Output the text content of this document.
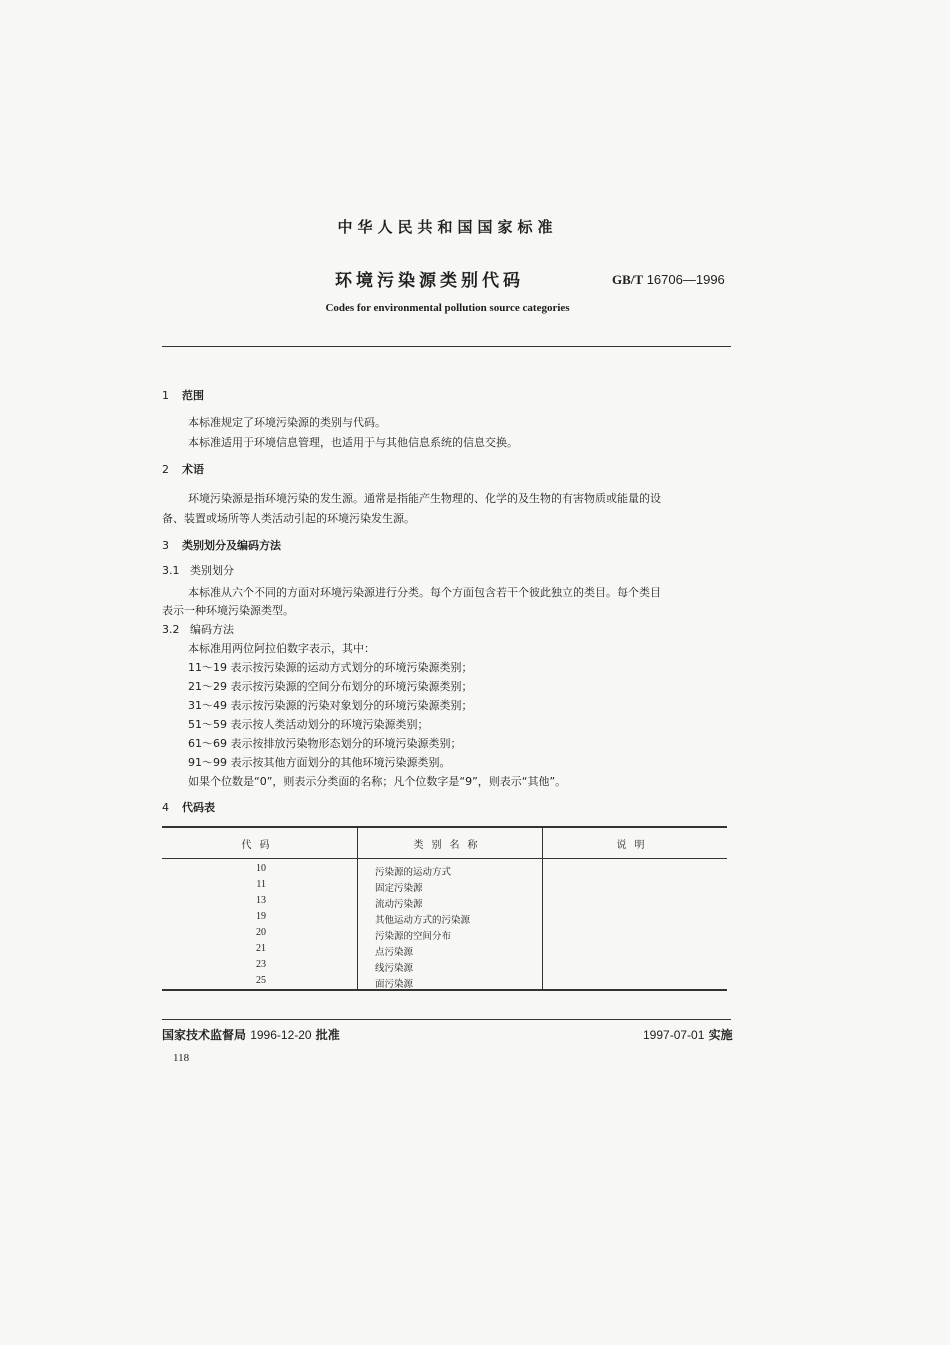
中华人民共和国国家标准
环境污染源类别代码	GB/T 16706—1996
Codes for environmental pollution source categories
1 范围
本标准规定了环境污染源的类别与代码。
本标准适用于环境信息管理，也适用于与其他信息系统的信息交换。
2 术语
环境污染源是指环境污染的发生源。通常是指能产生物理的、化学的及生物的有害物质或能量的设
备、装置或场所等人类活动引起的环境污染发生源。
3 类别划分及编码方法
3.1 类别划分
本标准从六个不同的方面对环境污染源进行分类。每个方面包含若干个彼此独立的类目。每个类目
表示一种环境污染源类型。
3.2 编码方法
本标准用两位阿拉伯数字表示，其中：
11～19 表示按污染源的运动方式划分的环境污染源类别；
21～29 表示按污染源的空间分布划分的环境污染源类别；
31～49 表示按污染源的污染对象划分的环境污染源类别；
51～59 表示按人类活动划分的环境污染源类别；
61～69 表示按排放污染物形态划分的环境污染源类别；
91～99 表示按其他方面划分的其他环境污染源类别。
如果个位数是“0”，则表示分类面的名称；凡个位数字是“9”，则表示“其他”。
4 代码表
代码	类别名称	说明
10	污染源的运动方式
11	固定污染源
13	流动污染源
19	其他运动方式的污染源
20	污染源的空间分布
21	点污染源
23	线污染源
25	面污染源
国家技术监督局 1996-12-20 批准	1997-07-01 实施
118
